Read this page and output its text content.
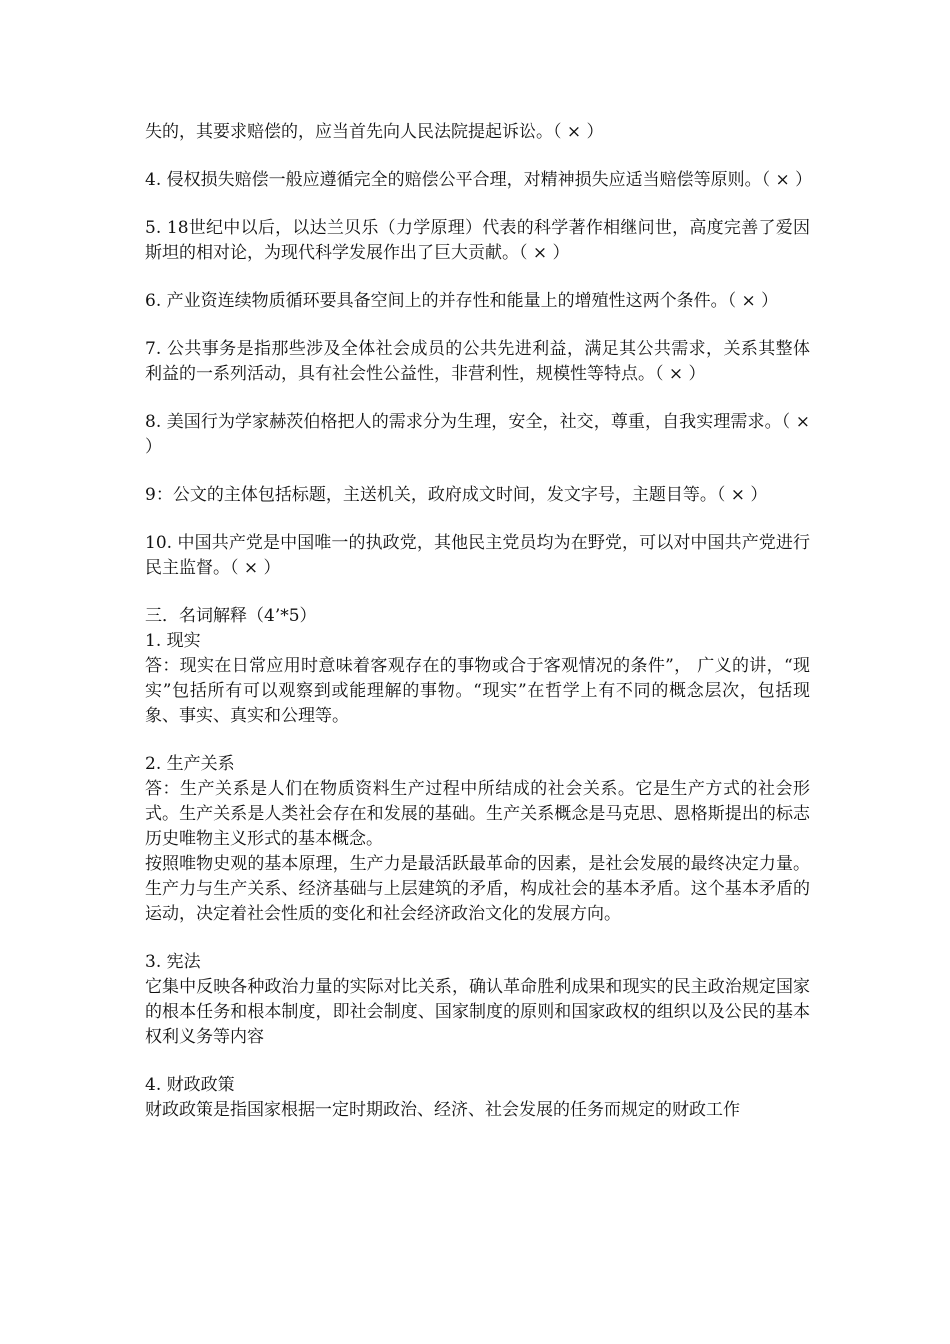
失的，其要求赔偿的，应当首先向人民法院提起诉讼。（ × ）

4. 侵权损失赔偿一般应遵循完全的赔偿公平合理，对精神损失应适当赔偿等原则。（ × ）

5. 18世纪中以后，以达兰贝乐（力学原理）代表的科学著作相继问世，高度完善了爱因斯坦的相对论，为现代科学发展作出了巨大贡献。（ × ）

6. 产业资连续物质循环要具备空间上的并存性和能量上的增殖性这两个条件。（ × ）

7. 公共事务是指那些涉及全体社会成员的公共先进利益，满足其公共需求，关系其整体利益的一系列活动，具有社会性公益性，非营利性，规模性等特点。（ × ）

8. 美国行为学家赫茨伯格把人的需求分为生理，安全，社交，尊重，自我实理需求。（ × ）

9：公文的主体包括标题，主送机关，政府成文时间，发文字号，主题目等。（ × ）

10. 中国共产党是中国唯一的执政党，其他民主党员均为在野党，可以对中国共产党进行民主监督。（ × ）

三．名词解释（4’*5）

1. 现实

答：现实在日常应用时意味着客观存在的事物或合于客观情况的条件”， 广义的讲，“现实”包括所有可以观察到或能理解的事物。“现实”在哲学上有不同的概念层次，包括现象、事实、真实和公理等。

2. 生产关系

答：生产关系是人们在物质资料生产过程中所结成的社会关系。它是生产方式的社会形式。生产关系是人类社会存在和发展的基础。生产关系概念是马克思、恩格斯提出的标志历史唯物主义形式的基本概念。

按照唯物史观的基本原理，生产力是最活跃最革命的因素，是社会发展的最终决定力量。生产力与生产关系、经济基础与上层建筑的矛盾，构成社会的基本矛盾。这个基本矛盾的运动，决定着社会性质的变化和社会经济政治文化的发展方向。

3. 宪法

它集中反映各种政治力量的实际对比关系，确认革命胜利成果和现实的民主政治规定国家的根本任务和根本制度，即社会制度、国家制度的原则和国家政权的组织以及公民的基本权利义务等内容

4. 财政政策

财政政策是指国家根据一定时期政治、经济、社会发展的任务而规定的财政工作
